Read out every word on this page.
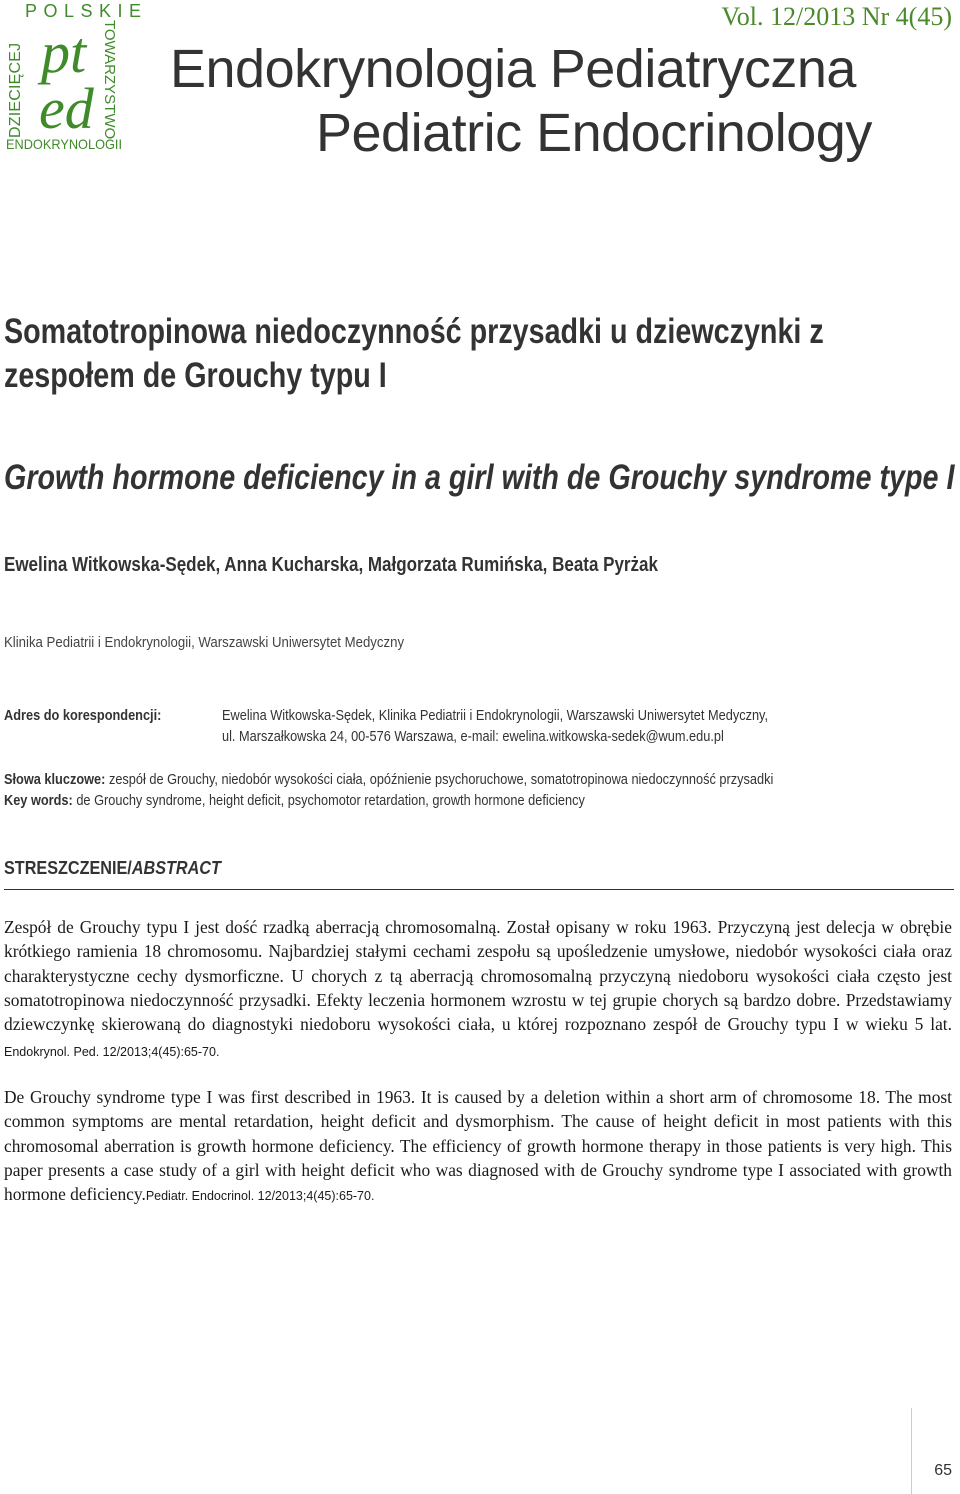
POLSKIE
DZIECIĘCEJ	TOWARZYSTWO
pt
ed
ENDOKRYNOLOGII
Vol. 12/2013 Nr 4(45)
Endokrynologia Pediatryczna
Pediatric Endocrinology
Somatotropinowa niedoczynność przysadki u dziewczynki z zespołem de Grouchy typu I
Growth hormone deficiency in a girl with de Grouchy syndrome type I
Ewelina Witkowska-Sędek, Anna Kucharska, Małgorzata Rumińska, Beata Pyrżak
Klinika Pediatrii i Endokrynologii, Warszawski Uniwersytet Medyczny
Adres do korespondencji:	Ewelina Witkowska-Sędek, Klinika Pediatrii i Endokrynologii, Warszawski Uniwersytet Medyczny,
ul. Marszałkowska 24, 00-576 Warszawa, e-mail: ewelina.witkowska-sedek@wum.edu.pl
Słowa kluczowe: zespół de Grouchy, niedobór wysokości ciała, opóźnienie psychoruchowe, somatotropinowa niedoczynność przysadki
Key words: de Grouchy syndrome, height deficit, psychomotor retardation, growth hormone deficiency
STRESZCZENIE/ABSTRACT
Zespół de Grouchy typu I jest dość rzadką aberracją chromosomalną. Został opisany w roku 1963. Przyczyną jest delecja w obrębie krótkiego ramienia 18 chromosomu. Najbardziej stałymi cechami zespołu są upośledzenie umysłowe, niedobór wysokości ciała oraz charakterystyczne cechy dysmorficzne. U chorych z tą aberracją chromosomalną przyczyną niedoboru wysokości ciała często jest somatotropinowa niedoczynność przysadki. Efekty leczenia hormonem wzrostu w tej grupie chorych są bardzo dobre. Przedstawiamy dziewczynkę skierowaną do diagnostyki niedoboru wysokości ciała, u której rozpoznano zespół de Grouchy typu I w wieku 5 lat. Endokrynol. Ped. 12/2013;4(45):65-70.
De Grouchy syndrome type I was first described in 1963. It is caused by a deletion within a short arm of chromosome 18. The most common symptoms are mental retardation, height deficit and dysmorphism. The cause of height deficit in most patients with this chromosomal aberration is growth hormone deficiency. The efficiency of growth hormone therapy in those patients is very high. This paper presents a case study of a girl with height deficit who was diagnosed with de Grouchy syndrome type I associated with growth hormone deficiency.Pediatr. Endocrinol. 12/2013;4(45):65-70.
65
